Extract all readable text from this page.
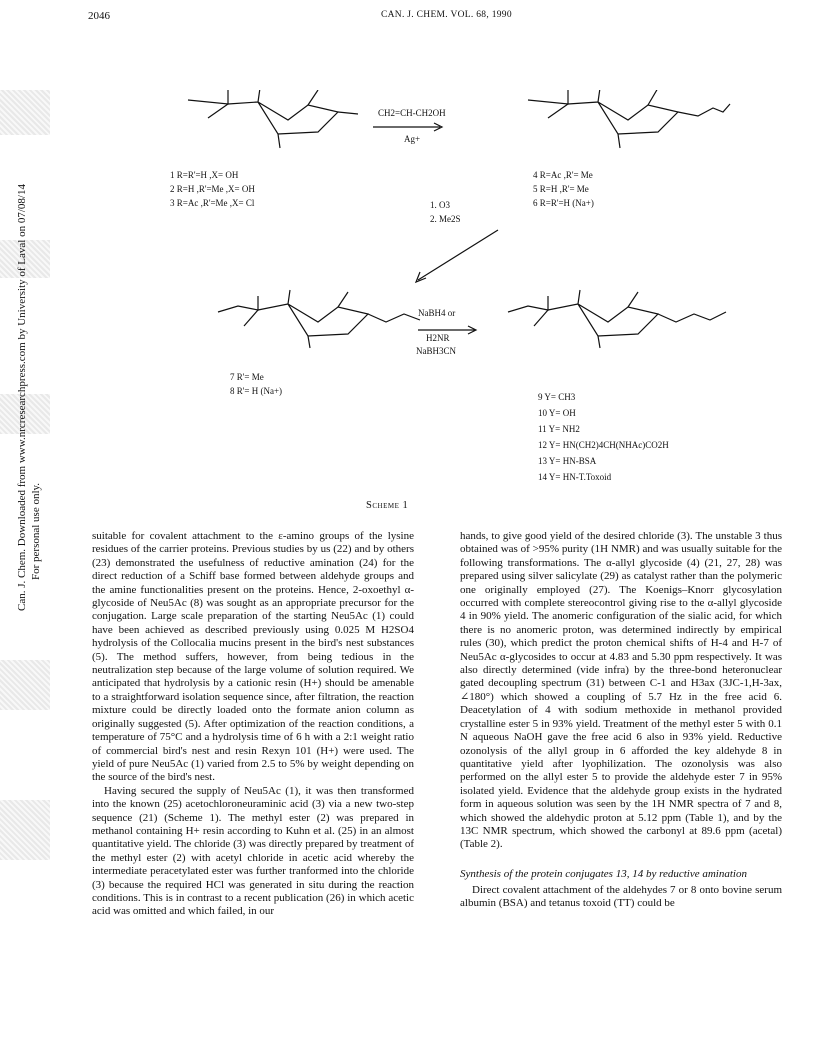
2046	CAN. J. CHEM. VOL. 68, 1990
Can. J. Chem. Downloaded from www.nrcresearchpress.com by University of Laval on 07/08/14 For personal use only.
CH2=CH-CH2OH
Ag+
1. O3
2. Me2S
NaBH4 or
H2NR
NaBH3CN
1 R=R'=H ,X= OH
2 R=H ,R'=Me ,X= OH
3 R=Ac ,R'=Me ,X= Cl
4 R=Ac ,R'= Me
5 R=H ,R'= Me
6 R=R'=H (Na+)
7 R'= Me
8 R'= H (Na+)
9 Y= CH3
10 Y= OH
11 Y= NH2
12 Y= HN(CH2)4CH(NHAc)CO2H
13 Y= HN-BSA
14 Y= HN-T.Toxoid
Scheme 1

suitable for covalent attachment to the ε-amino groups of the lysine residues of the carrier proteins. Previous studies by us (22) and by others (23) demonstrated the usefulness of reductive amination (24) for the direct reduction of a Schiff base formed between aldehyde groups and the amine functionalities present on the proteins. Hence, 2-oxoethyl α-glycoside of Neu5Ac (8) was sought as an appropriate precursor for the conjugation. Large scale preparation of the starting Neu5Ac (1) could have been achieved as described previously using 0.025 M H2SO4 hydrolysis of the Collocalia mucins present in the bird's nest substances (5). The method suffers, however, from being tedious in the neutralization step because of the large volume of solution required. We anticipated that hydrolysis by a cationic resin (H+) should be amenable to a straightforward isolation sequence since, after filtration, the reaction mixture could be directly loaded onto the formate anion column as originally suggested (5). After optimization of the reaction conditions, a temperature of 75°C and a hydrolysis time of 6 h with a 2:1 weight ratio of commercial bird's nest and resin Rexyn 101 (H+) were used. The yield of pure Neu5Ac (1) varied from 2.5 to 5% by weight depending on the source of the bird's nest.

Having secured the supply of Neu5Ac (1), it was then transformed into the known (25) acetochloroneuraminic acid (3) via a new two-step sequence (21) (Scheme 1). The methyl ester (2) was prepared in methanol containing H+ resin according to Kuhn et al. (25) in an almost quantitative yield. The chloride (3) was directly prepared by treatment of the methyl ester (2) with acetyl chloride in acetic acid whereby the intermediate peracetylated ester was further tranformed into the chloride (3) because the required HCl was generated in situ during the reaction conditions. This is in contrast to a recent publication (26) in which acetic acid was omitted and which failed, in our

hands, to give good yield of the desired chloride (3). The unstable 3 thus obtained was of >95% purity (1H NMR) and was usually suitable for the following transformations. The α-allyl glycoside (4) (21, 27, 28) was prepared using silver salicylate (29) as catalyst rather than the polymeric one originally employed (27). The Koenigs–Knorr glycosylation occurred with complete stereocontrol giving rise to the α-allyl glycoside 4 in 90% yield. The anomeric configuration of the sialic acid, for which there is no anomeric proton, was determined indirectly by empirical rules (30), which predict the proton chemical shifts of H-4 and H-7 of Neu5Ac α-glycosides to occur at 4.83 and 5.30 ppm respectively. It was also directly determined (vide infra) by the three-bond heteronuclear gated decoupling spectrum (31) between C-1 and H3ax (3JC-1,H-3ax, ∠180°) which showed a coupling of 5.7 Hz in the free acid 6. Deacetylation of 4 with sodium methoxide in methanol provided crystalline ester 5 in 93% yield. Treatment of the methyl ester 5 with 0.1 N aqueous NaOH gave the free acid 6 also in 93% yield. Reductive ozonolysis of the allyl group in 6 afforded the key aldehyde 8 in quantitative yield after lyophilization. The ozonolysis was also performed on the allyl ester 5 to provide the aldehyde ester 7 in 95% isolated yield. Evidence that the aldehyde group exists in the hydrated form in aqueous solution was seen by the 1H NMR spectra of 7 and 8, which showed the aldehydic proton at 5.12 ppm (Table 1), and by the 13C NMR spectrum, which showed the carbonyl at 89.6 ppm (acetal) (Table 2).

Synthesis of the protein conjugates 13, 14 by reductive amination

Direct covalent attachment of the aldehydes 7 or 8 onto bovine serum albumin (BSA) and tetanus toxoid (TT) could be
